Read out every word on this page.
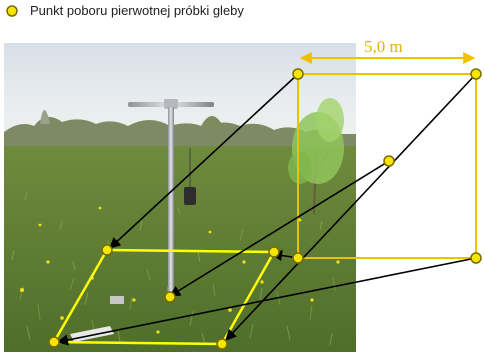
Punkt poboru pierwotnej próbki gleby
5,0 m
